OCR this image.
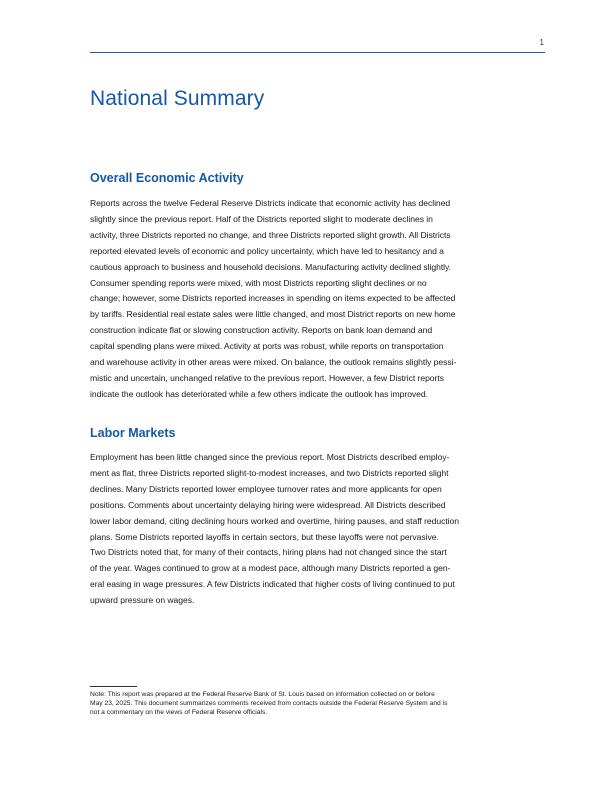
1
National Summary
Overall Economic Activity
Reports across the twelve Federal Reserve Districts indicate that economic activity has declined
slightly since the previous report. Half of the Districts reported slight to moderate declines in
activity, three Districts reported no change, and three Districts reported slight growth. All Districts
reported elevated levels of economic and policy uncertainty, which have led to hesitancy and a
cautious approach to business and household decisions. Manufacturing activity declined slightly.
Consumer spending reports were mixed, with most Districts reporting slight declines or no
change; however, some Districts reported increases in spending on items expected to be affected
by tariffs. Residential real estate sales were little changed, and most District reports on new home
construction indicate flat or slowing construction activity. Reports on bank loan demand and
capital spending plans were mixed. Activity at ports was robust, while reports on transportation
and warehouse activity in other areas were mixed. On balance, the outlook remains slightly pessi-
mistic and uncertain, unchanged relative to the previous report. However, a few District reports
indicate the outlook has deteriorated while a few others indicate the outlook has improved.
Labor Markets
Employment has been little changed since the previous report. Most Districts described employ-
ment as flat, three Districts reported slight-to-modest increases, and two Districts reported slight
declines. Many Districts reported lower employee turnover rates and more applicants for open
positions. Comments about uncertainty delaying hiring were widespread. All Districts described
lower labor demand, citing declining hours worked and overtime, hiring pauses, and staff reduction
plans. Some Districts reported layoffs in certain sectors, but these layoffs were not pervasive.
Two Districts noted that, for many of their contacts, hiring plans had not changed since the start
of the year. Wages continued to grow at a modest pace, although many Districts reported a gen-
eral easing in wage pressures. A few Districts indicated that higher costs of living continued to put
upward pressure on wages.
Note: This report was prepared at the Federal Reserve Bank of St. Louis based on information collected on or before
May 23, 2025. This document summarizes comments received from contacts outside the Federal Reserve System and is
not a commentary on the views of Federal Reserve officials.
